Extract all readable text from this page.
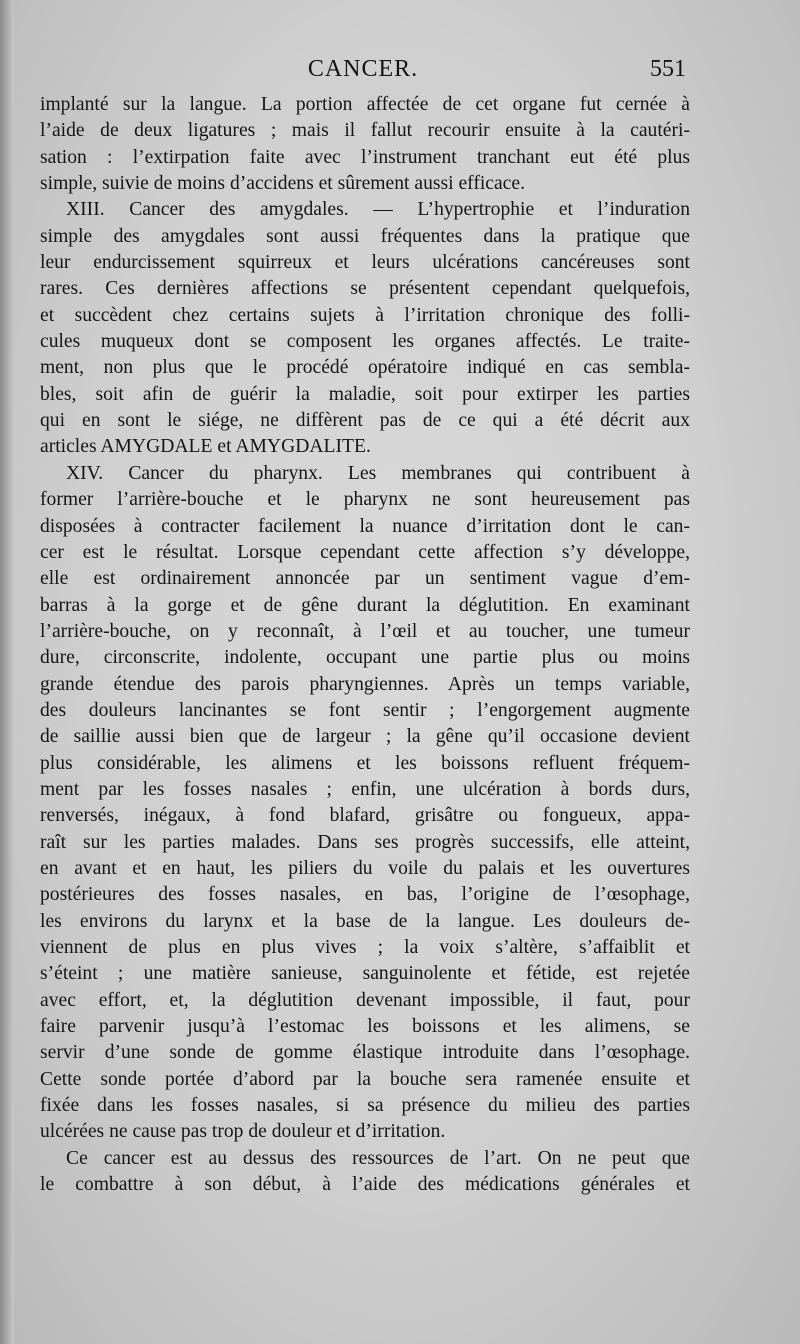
CANCER.	551
implanté sur la langue. La portion affectée de cet organe fut cernée à
l’aide de deux ligatures ; mais il fallut recourir ensuite à la cautéri-
sation : l’extirpation faite avec l’instrument tranchant eut été plus
simple, suivie de moins d’accidens et sûrement aussi efficace.
XIII. Cancer des amygdales. — L’hypertrophie et l’induration
simple des amygdales sont aussi fréquentes dans la pratique que
leur endurcissement squirreux et leurs ulcérations cancéreuses sont
rares. Ces dernières affections se présentent cependant quelquefois,
et succèdent chez certains sujets à l’irritation chronique des folli-
cules muqueux dont se composent les organes affectés. Le traite-
ment, non plus que le procédé opératoire indiqué en cas sembla-
bles, soit afin de guérir la maladie, soit pour extirper les parties
qui en sont le siége, ne diffèrent pas de ce qui a été décrit aux
articles AMYGDALE et AMYGDALITE.
XIV. Cancer du pharynx. Les membranes qui contribuent à
former l’arrière-bouche et le pharynx ne sont heureusement pas
disposées à contracter facilement la nuance d’irritation dont le can-
cer est le résultat. Lorsque cependant cette affection s’y développe,
elle est ordinairement annoncée par un sentiment vague d’em-
barras à la gorge et de gêne durant la déglutition. En examinant
l’arrière-bouche, on y reconnaît, à l’œil et au toucher, une tumeur
dure, circonscrite, indolente, occupant une partie plus ou moins
grande étendue des parois pharyngiennes. Après un temps variable,
des douleurs lancinantes se font sentir ; l’engorgement augmente
de saillie aussi bien que de largeur ; la gêne qu’il occasione devient
plus considérable, les alimens et les boissons refluent fréquem-
ment par les fosses nasales ; enfin, une ulcération à bords durs,
renversés, inégaux, à fond blafard, grisâtre ou fongueux, appa-
raît sur les parties malades. Dans ses progrès successifs, elle atteint,
en avant et en haut, les piliers du voile du palais et les ouvertures
postérieures des fosses nasales, en bas, l’origine de l’œsophage,
les environs du larynx et la base de la langue. Les douleurs de-
viennent de plus en plus vives ; la voix s’altère, s’affaiblit et
s’éteint ; une matière sanieuse, sanguinolente et fétide, est rejetée
avec effort, et, la déglutition devenant impossible, il faut, pour
faire parvenir jusqu’à l’estomac les boissons et les alimens, se
servir d’une sonde de gomme élastique introduite dans l’œsophage.
Cette sonde portée d’abord par la bouche sera ramenée ensuite et
fixée dans les fosses nasales, si sa présence du milieu des parties
ulcérées ne cause pas trop de douleur et d’irritation.
Ce cancer est au dessus des ressources de l’art. On ne peut que
le combattre à son début, à l’aide des médications générales et
